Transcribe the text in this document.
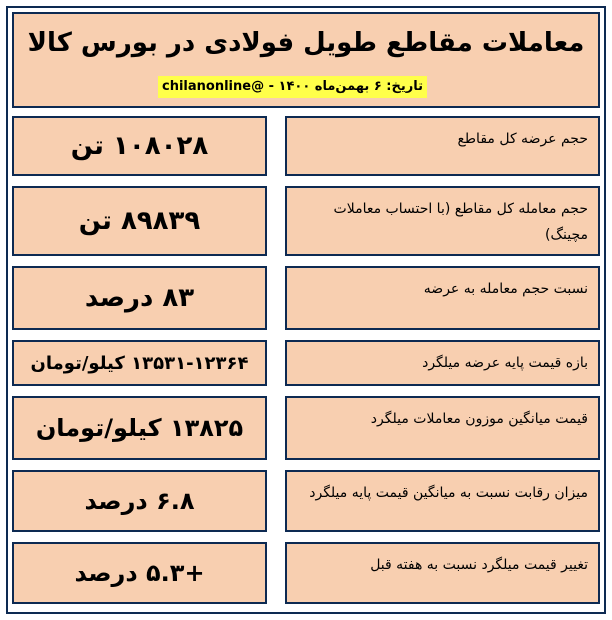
معاملات مقاطع طویل فولادی در بورس کالا
تاریخ: ۶ بهمن‌ماه ۱۴۰۰ - @chilanonline
۱۰۸۰۲۸ تن	حجم عرضه کل مقاطع
۸۹۸۳۹ تن	حجم معامله کل مقاطع (با احتساب معاملات مچینگ)
۸۳ درصد	نسبت حجم معامله به عرضه
۱۳۵۳۱-۱۲۳۶۴ کیلو/تومان	بازه قیمت پایه عرضه میلگرد
۱۳۸۲۵ کیلو/تومان	قیمت میانگین موزون معاملات میلگرد
۶.۸ درصد	میزان رقابت نسبت به میانگین قیمت پایه میلگرد
+۵.۳ درصد	تغییر قیمت میلگرد نسبت به هفته قبل
